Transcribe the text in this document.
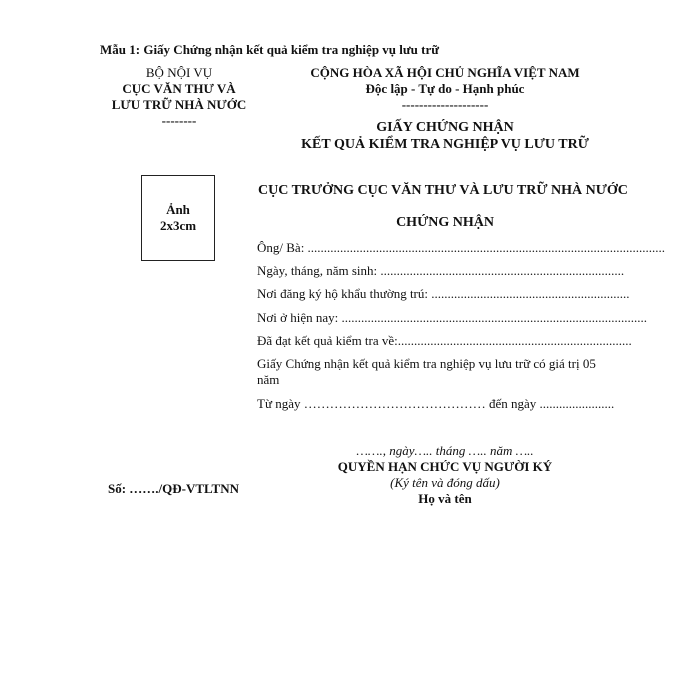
Mẫu 1: Giấy Chứng nhận kết quả kiểm tra nghiệp vụ lưu trữ
BỘ NỘI VỤ
CỤC VĂN THƯ VÀ
LƯU TRỮ NHÀ NƯỚC
--------
CỘNG HÒA XÃ HỘI CHỦ NGHĨA VIỆT NAM
Độc lập - Tự do - Hạnh phúc
--------------------
GIẤY CHỨNG NHẬN
KẾT QUẢ KIỂM TRA NGHIỆP VỤ LƯU TRỮ
Ảnh
2x3cm
CỤC TRƯỞNG CỤC VĂN THƯ VÀ LƯU TRỮ NHÀ NƯỚC
CHỨNG NHẬN
Ông/ Bà: ..............................................................................................................
Ngày, tháng, năm sinh: ...........................................................................
Nơi đăng ký hộ khẩu thường trú: .............................................................
Nơi ở hiện nay: ..............................................................................................
Đã đạt kết quả kiểm tra về:........................................................................
Giấy Chứng nhận kết quả kiểm tra nghiệp vụ lưu trữ có giá trị 05
năm
Từ ngày …………………………………… đến ngày .......................
……., ngày….. tháng ….. năm …..
QUYỀN HẠN CHỨC VỤ NGƯỜI KÝ
(Ký tên và đóng dấu)
Họ và tên
Số: ……./QĐ-VTLTNN
